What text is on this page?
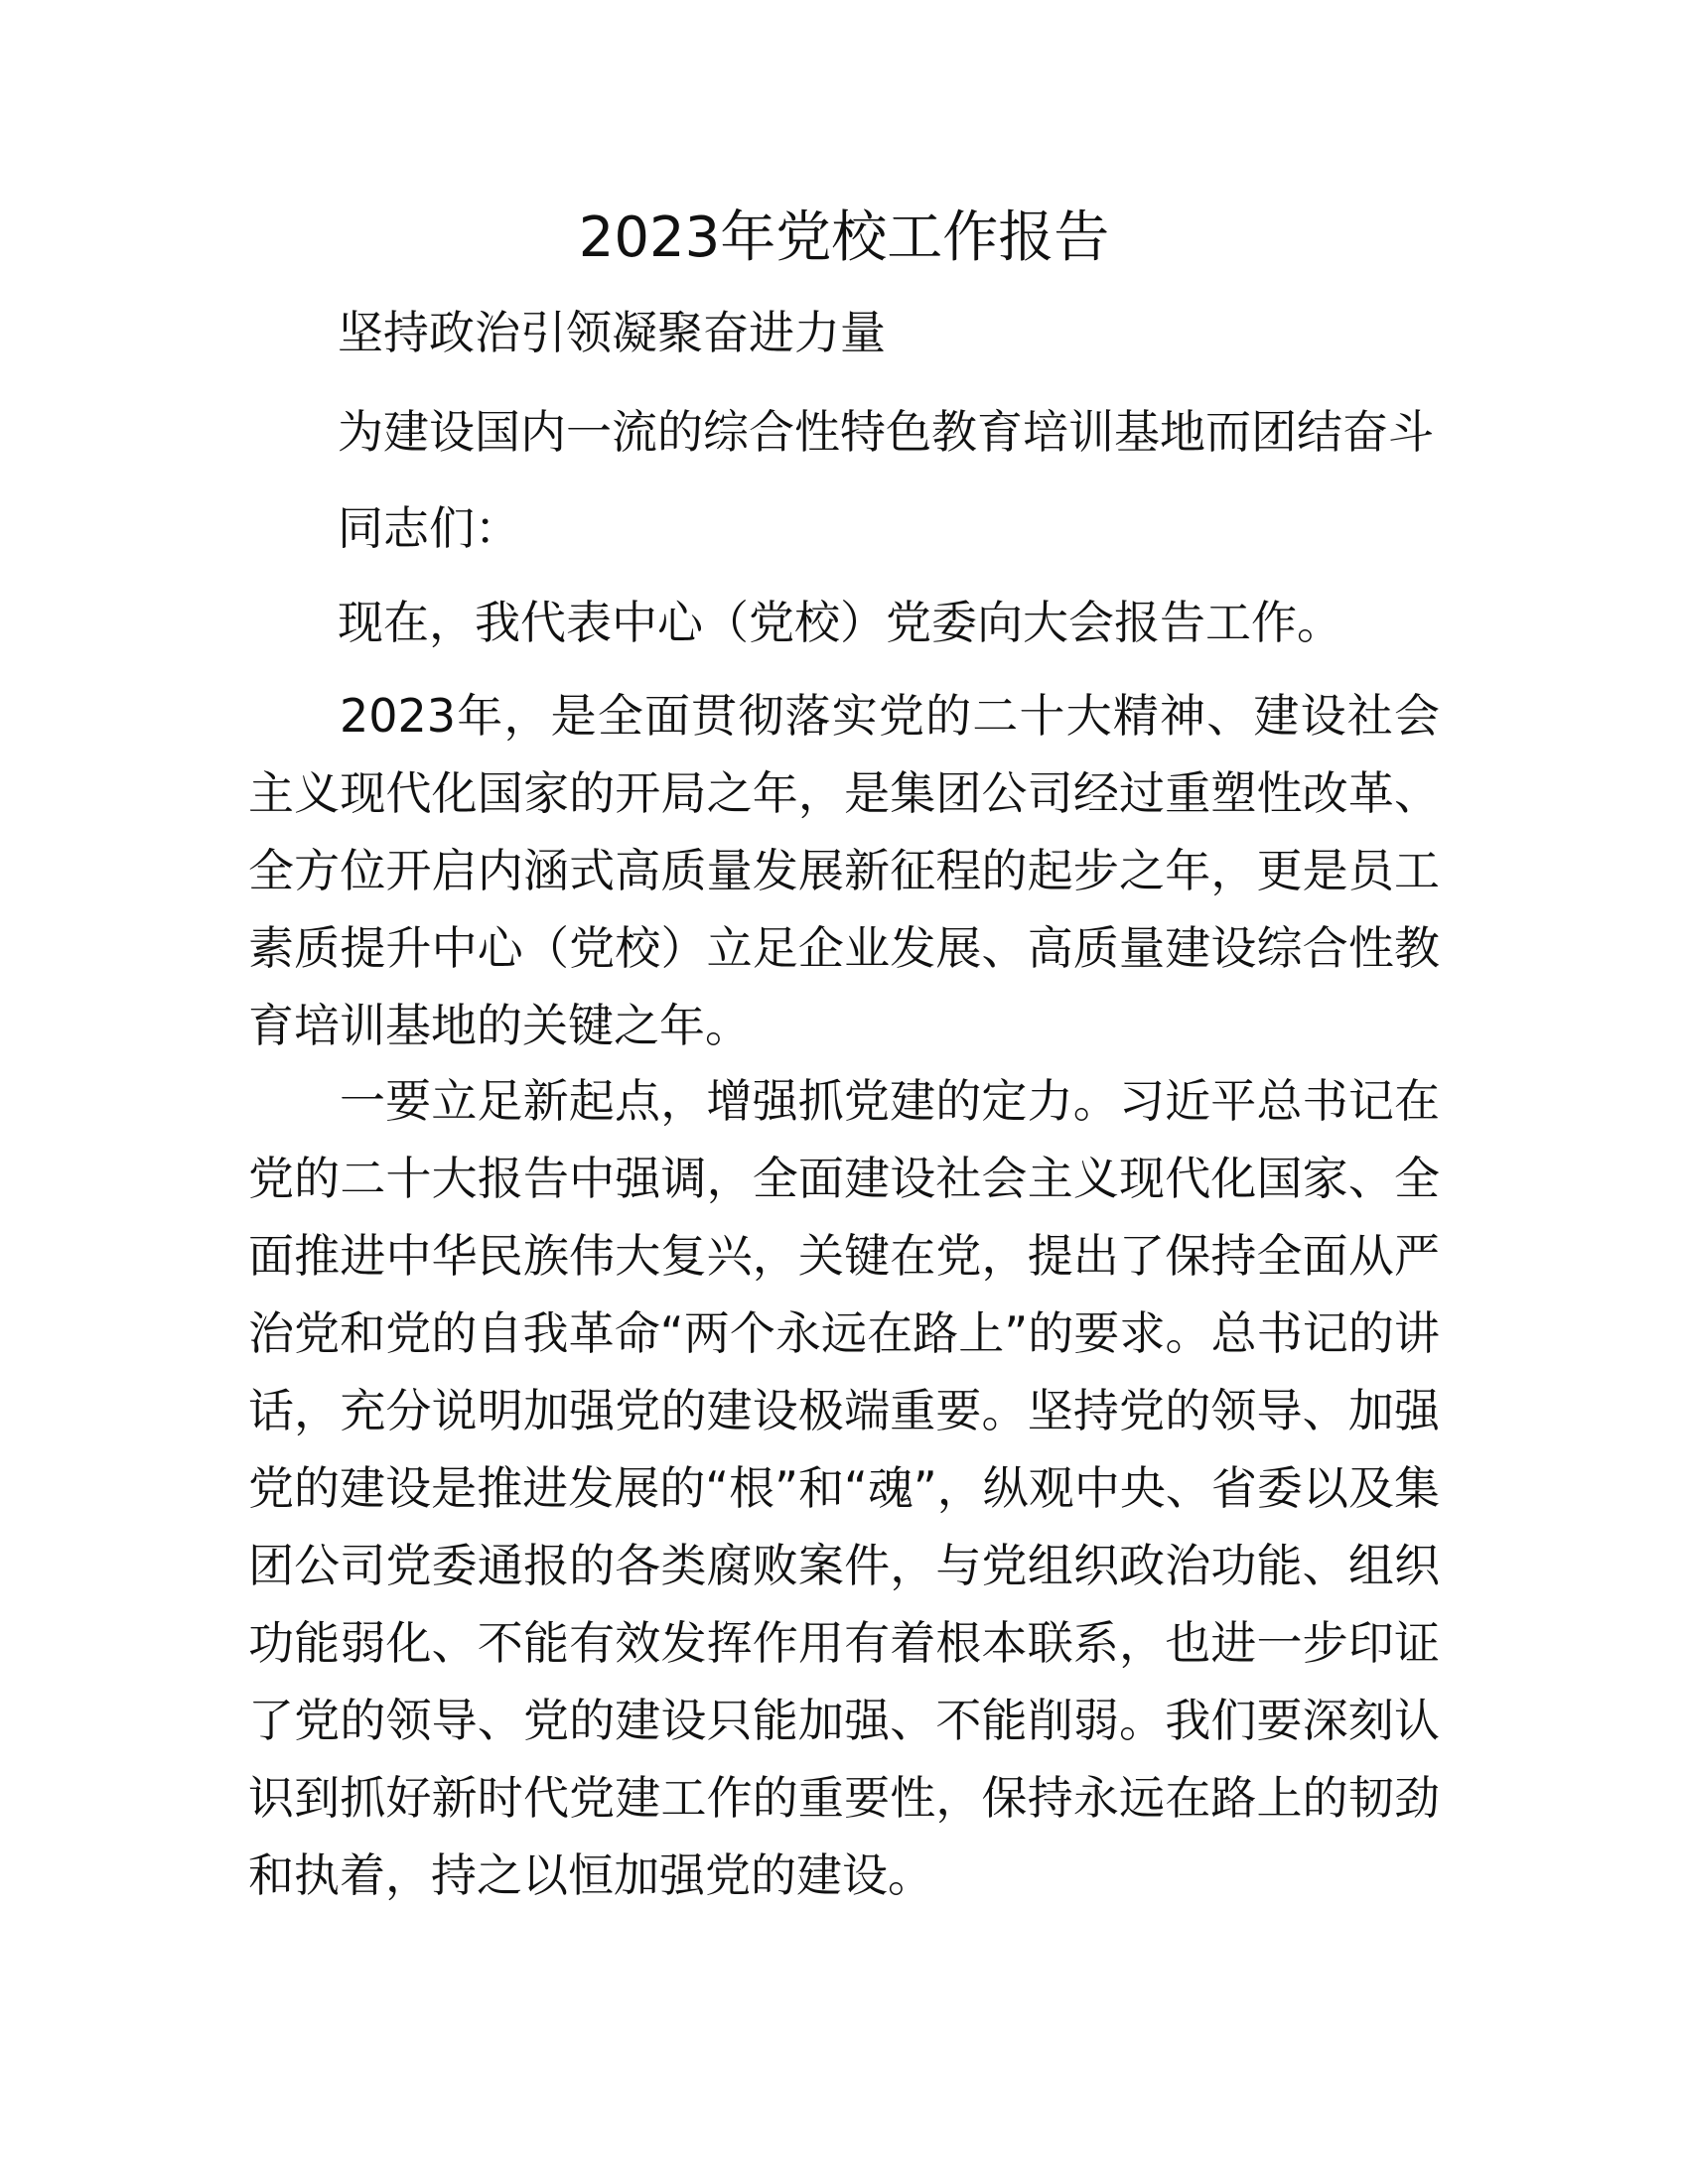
2023年党校工作报告

坚持政治引领凝聚奋进力量

为建设国内一流的综合性特色教育培训基地而团结奋斗

同志们：

现在，我代表中心（党校）党委向大会报告工作。

2023年，是全面贯彻落实党的二十大精神、建设社会主义现代化国家的开局之年，是集团公司经过重塑性改革、全方位开启内涵式高质量发展新征程的起步之年，更是员工素质提升中心（党校）立足企业发展、高质量建设综合性教育培训基地的关键之年。

一要立足新起点，增强抓党建的定力。习近平总书记在党的二十大报告中强调，全面建设社会主义现代化国家、全面推进中华民族伟大复兴，关键在党，提出了保持全面从严治党和党的自我革命“两个永远在路上”的要求。总书记的讲话，充分说明加强党的建设极端重要。坚持党的领导、加强党的建设是推进发展的“根”和“魂”，纵观中央、省委以及集团公司党委通报的各类腐败案件，与党组织政治功能、组织功能弱化、不能有效发挥作用有着根本联系，也进一步印证了党的领导、党的建设只能加强、不能削弱。我们要深刻认识到抓好新时代党建工作的重要性，保持永远在路上的韧劲和执着，持之以恒加强党的建设。
